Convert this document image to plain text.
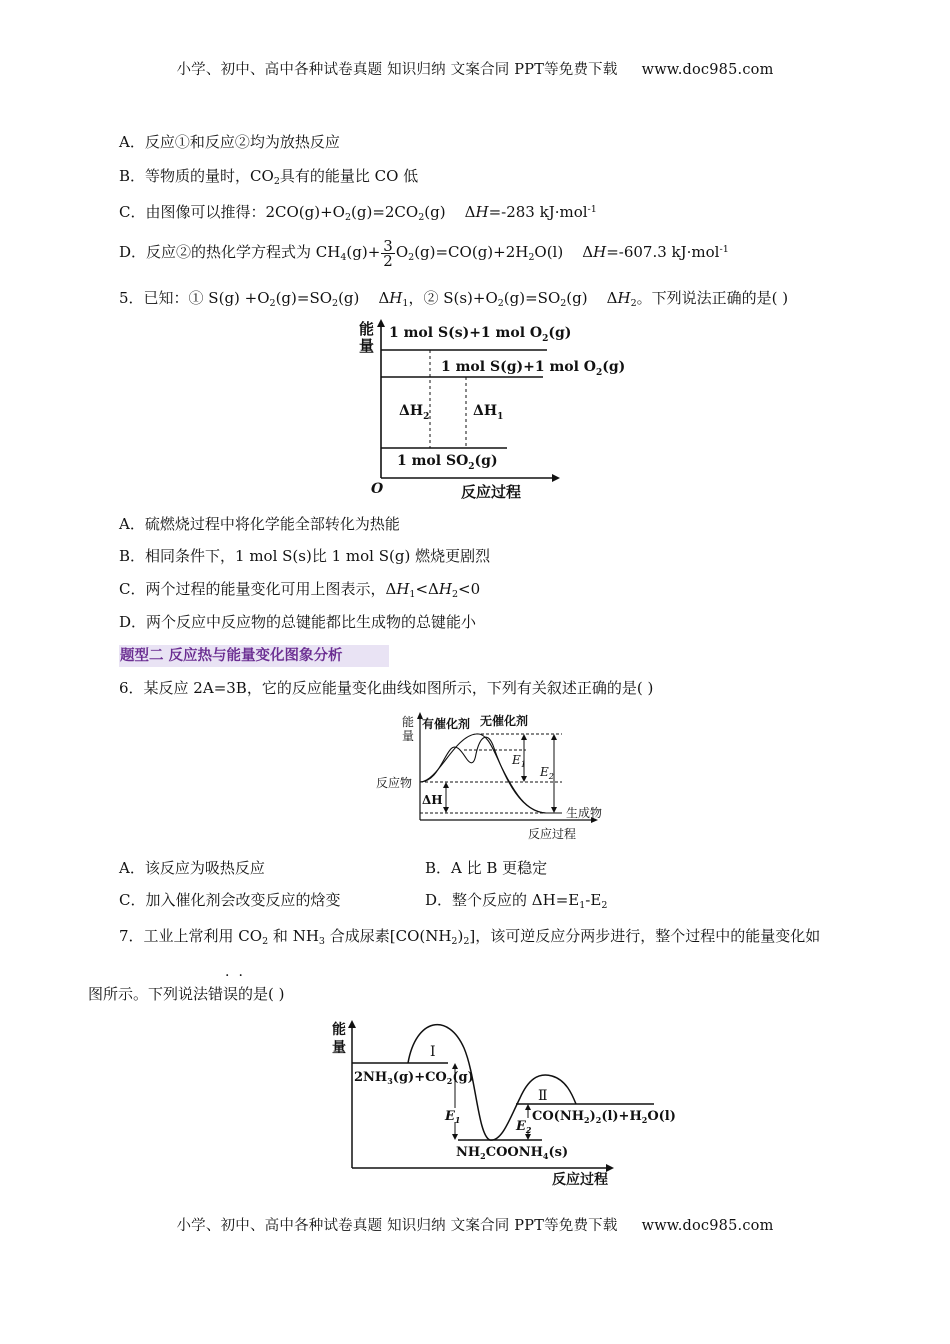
小学、初中、高中各种试卷真题 知识归纳 文案合同 PPT等免费下载 www.doc985.com
A．反应①和反应②均为放热反应
B．等物质的量时，$CO_2$具有的能量比 CO 低
C．由图像可以推得：$2CO(g)+O_2(g)=2CO_2(g)$    ΔH=-283 kJ·mol$^{-1}$
D．反应②的热化学方程式为 $CH_4(g)+ \frac{3}{2} O_2(g)=CO(g)+2H_2O(l)$    ΔH=-607.3 kJ·mol$^{-1}$
5．已知：① $S(g) +O_2(g)=SO_2(g)$    $\Delta H_1$，② $S(s)+O_2(g)=SO_2(g)$    $\Delta H_2$。下列说法正确的是( )
能
量
1 mol S(s)+1 mol $O_2(g)$
1 mol S(g)+1 mol $O_2(g)$
$\Delta H_2$	$\Delta H_1$
1 mol $SO_2(g)$
O	反应过程
A．硫燃烧过程中将化学能全部转化为热能
B．相同条件下，1 mol S(s)比 1 mol S(g) 燃烧更剧烈
C．两个过程的能量变化可用上图表示，$\Delta H_1<\Delta H_2<0$
D．两个反应中反应物的总键能都比生成物的总键能小
题型二 反应热与能量变化图象分析
6．某反应 2A=3B，它的反应能量变化曲线如图所示，下列有关叙述正确的是( )
能
量
有催化剂 无催化剂
反应物
ΔH
$E_1$
$E_2$
生成物
反应过程
A．该反应为吸热反应	B．A 比 B 更稳定
C．加入催化剂会改变反应的焓变	D．整个反应的 $\Delta H=E_1-E_2$
7．工业上常利用 $CO_2$ 和 $NH_3$ 合成尿素$[CO(NH_2)_2]$，该可逆反应分两步进行，整个过程中的能量变化如
··
图所示。下列说法错误的是( )
能
量	Ⅰ
Ⅱ
$2NH_3(g)+CO_2(g)$
$E_1$	$E_2$
$CO(NH_2)_2(l)+H_2O(l)$
$NH_2COONH_4(s)$
反应过程
小学、初中、高中各种试卷真题 知识归纳 文案合同 PPT等免费下载 www.doc985.com
